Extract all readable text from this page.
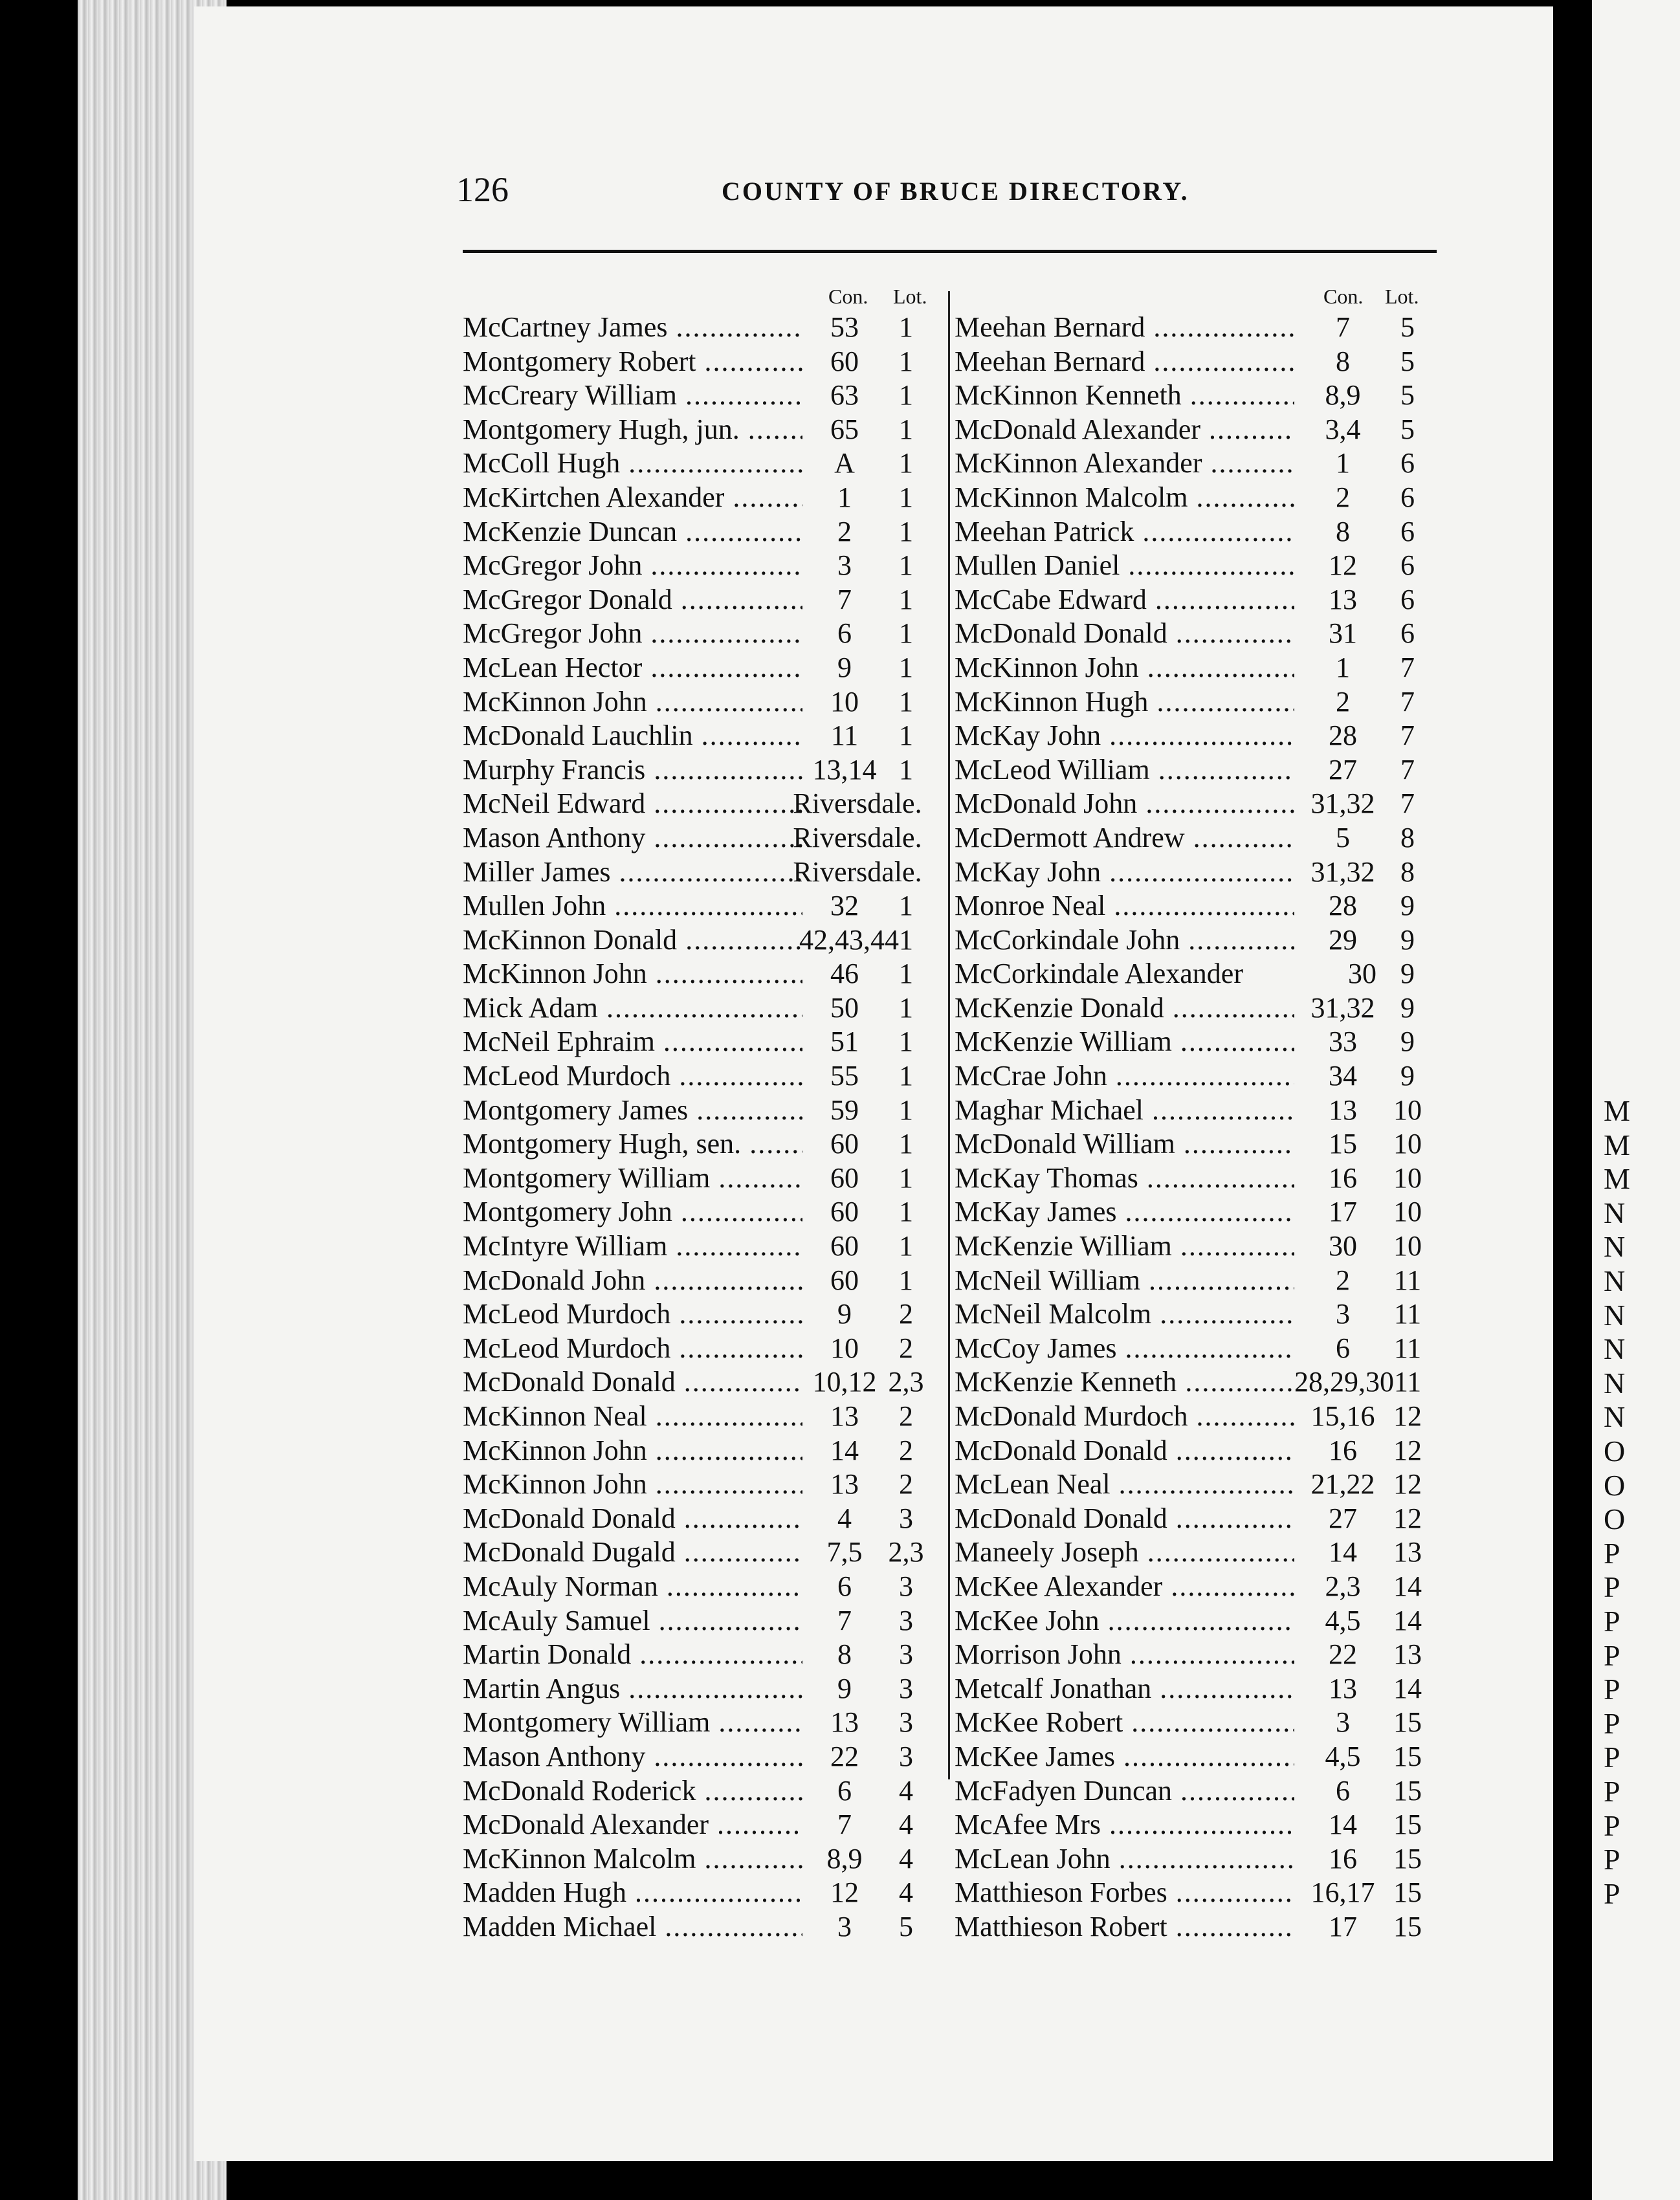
M
M
M
N
N
N
N
N
N
N
O
O
O
P
P
P
P
P
P
P
P
P
P
P
126	COUNTY OF BRUCE DIRECTORY.
Con. Lot.
McCartney James .....	53	1
Montgomery Robert .....	60	1
McCreary William .....	63	1
Montgomery Hugh, jun. .....	65	1
McColl Hugh .....	A	1
McKirtchen Alexander .....	1	1
McKenzie Duncan .....	2	1
McGregor John .....	3	1
McGregor Donald .....	7	1
McGregor John .....	6	1
McLean Hector .....	9	1
McKinnon John .....	10	1
McDonald Lauchlin .....	11	1
Murphy Francis .....	13,14 1
McNeil Edward .....	Riversdale.
Mason Anthony .....	Riversdale.
Miller James .....	Riversdale.
Mullen John .....	32	1
McKinnon Donald .....	42,43,44 1
McKinnon John .....	46	1
Mick Adam .....	50	1
McNeil Ephraim .....	51	1
McLeod Murdoch .....	55	1
Montgomery James .....	59	1
Montgomery Hugh, sen. .....	60	1
Montgomery William .....	60	1
Montgomery John .....	60	1
McIntyre William .....	60	1
McDonald John .....	60	1
McLeod Murdoch .....	9	2
McLeod Murdoch .....	10	2
McDonald Donald .....	10,12 2,3
McKinnon Neal .....	13	2
McKinnon John .....	14	2
McKinnon John .....	13	2
McDonald Donald .....	4	3
McDonald Dugald .....	7,5 2,3
McAuly Norman .....	6	3
McAuly Samuel .....	7	3
Martin Donald .....	8	3
Martin Angus .....	9	3
Montgomery William .....	13	3
Mason Anthony .....	22	3
McDonald Roderick .....	6	4
McDonald Alexander .....	7	4
McKinnon Malcolm .....	8,9	4
Madden Hugh .....	12	4
Madden Michael .....	3	5
Con. Lot.
Meehan Bernard .....	7	5
Meehan Bernard .....	8	5
McKinnon Kenneth .....	8,9	5
McDonald Alexander .....	3,4	5
McKinnon Alexander .....	1	6
McKinnon Malcolm .....	2	6
Meehan Patrick .....	8	6
Mullen Daniel .....	12	6
McCabe Edward .....	13	6
McDonald Donald .....	31	6
McKinnon John .....	1	7
McKinnon Hugh .....	2	7
McKay John .....	28	7
McLeod William .....	27	7
McDonald John .....	31,32 7
McDermott Andrew .....	5	8
McKay John .....	31,32 8
Monroe Neal .....	28	9
McCorkindale John .....	29	9
McCorkindale Alexander	30 9
McKenzie Donald .....	31,32 9
McKenzie William .....	33	9
McCrae John .....	34	9
Maghar Michael .....	13	10
McDonald William .....	15	10
McKay Thomas .....	16	10
McKay James .....	17	10
McKenzie William .....	30	10
McNeil William .....	2	11
McNeil Malcolm .....	3	11
McCoy James .....	6	11
McKenzie Kenneth .....	28,29,30 11
McDonald Murdoch .....	15,16 12
McDonald Donald .....	16	12
McLean Neal .....	21,22 12
McDonald Donald .....	27	12
Maneely Joseph .....	14	13
McKee Alexander .....	2,3	14
McKee John .....	4,5	14
Morrison John .....	22	13
Metcalf Jonathan .....	13	14
McKee Robert .....	3	15
McKee James .....	4,5	15
McFadyen Duncan .....	6	15
McAfee Mrs .....	14	15
McLean John .....	16	15
Matthieson Forbes .....	16,17 15
Matthieson Robert .....	17	15
